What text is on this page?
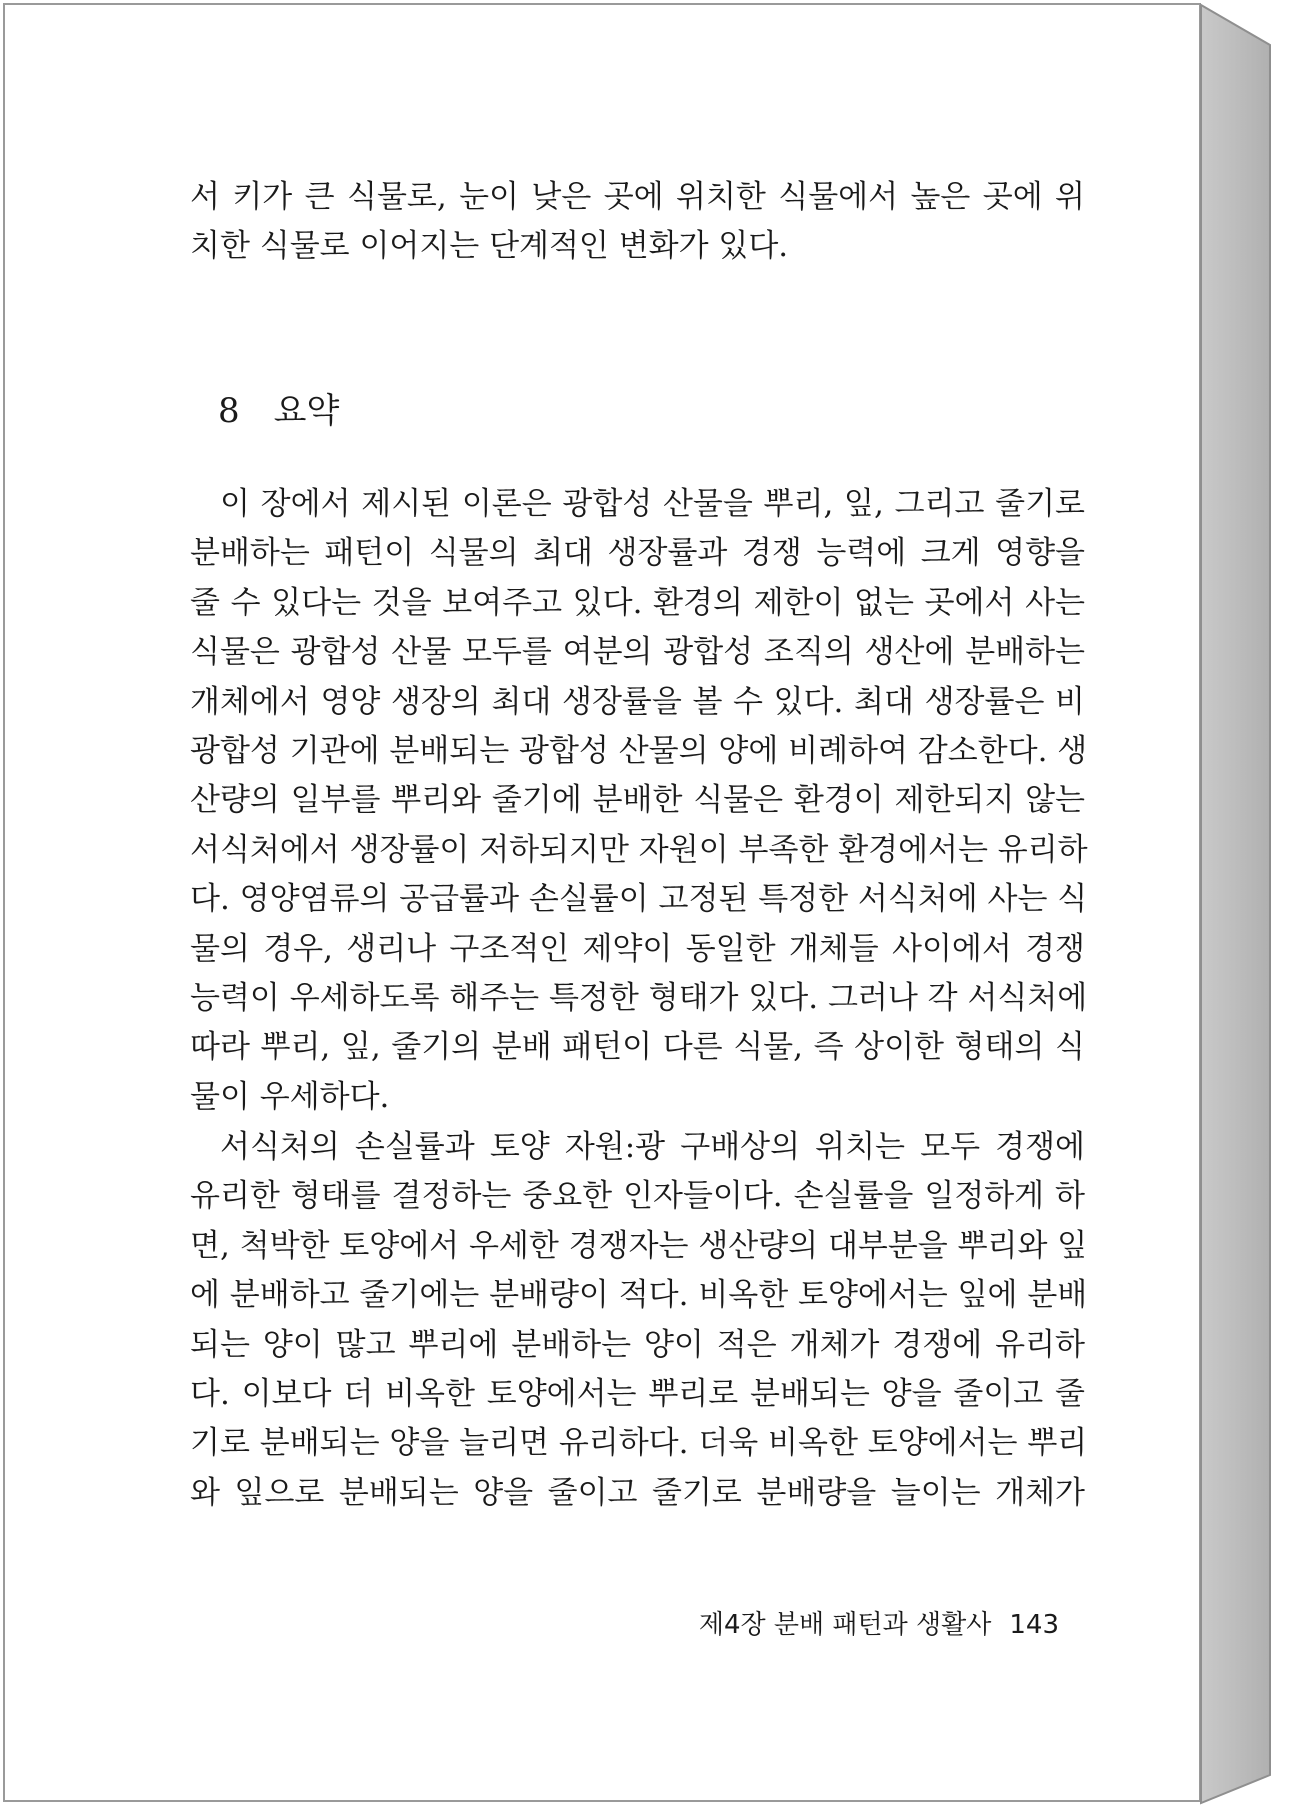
서 키가 큰 식물로, 눈이 낮은 곳에 위치한 식물에서 높은 곳에 위
치한 식물로 이어지는 단계적인 변화가 있다.
8 요약
이 장에서 제시된 이론은 광합성 산물을 뿌리, 잎, 그리고 줄기로
분배하는 패턴이 식물의 최대 생장률과 경쟁 능력에 크게 영향을
줄 수 있다는 것을 보여주고 있다. 환경의 제한이 없는 곳에서 사는
식물은 광합성 산물 모두를 여분의 광합성 조직의 생산에 분배하는
개체에서 영양 생장의 최대 생장률을 볼 수 있다. 최대 생장률은 비
광합성 기관에 분배되는 광합성 산물의 양에 비례하여 감소한다. 생
산량의 일부를 뿌리와 줄기에 분배한 식물은 환경이 제한되지 않는
서식처에서 생장률이 저하되지만 자원이 부족한 환경에서는 유리하
다. 영양염류의 공급률과 손실률이 고정된 특정한 서식처에 사는 식
물의 경우, 생리나 구조적인 제약이 동일한 개체들 사이에서 경쟁
능력이 우세하도록 해주는 특정한 형태가 있다. 그러나 각 서식처에
따라 뿌리, 잎, 줄기의 분배 패턴이 다른 식물, 즉 상이한 형태의 식
물이 우세하다.
서식처의 손실률과 토양 자원:광 구배상의 위치는 모두 경쟁에
유리한 형태를 결정하는 중요한 인자들이다. 손실률을 일정하게 하
면, 척박한 토양에서 우세한 경쟁자는 생산량의 대부분을 뿌리와 잎
에 분배하고 줄기에는 분배량이 적다. 비옥한 토양에서는 잎에 분배
되는 양이 많고 뿌리에 분배하는 양이 적은 개체가 경쟁에 유리하
다. 이보다 더 비옥한 토양에서는 뿌리로 분배되는 양을 줄이고 줄
기로 분배되는 양을 늘리면 유리하다. 더욱 비옥한 토양에서는 뿌리
와 잎으로 분배되는 양을 줄이고 줄기로 분배량을 늘이는 개체가
제4장 분배 패턴과 생활사 143
